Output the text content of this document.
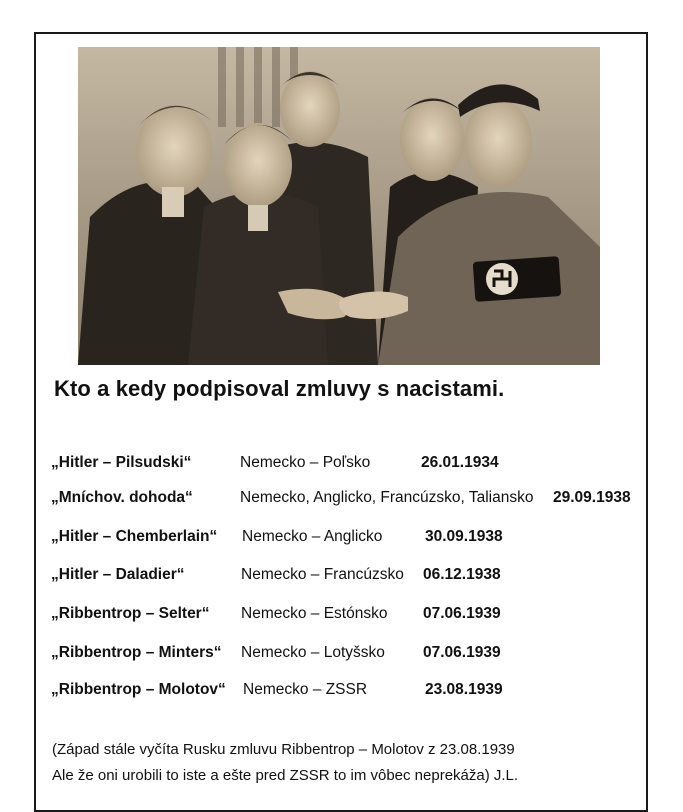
Kto a kedy podpisoval zmluvy s nacistami.
„Hitler – Pilsudski“	Nemecko – Poľsko	26.01.1934
„Mníchov. dohoda“	Nemecko, Anglicko, Francúzsko, Taliansko 29.09.1938
„Hitler – Chemberlain“ Nemecko – Anglicko	30.09.1938
„Hitler – Daladier“	Nemecko – Francúzsko 06.12.1938
„Ribbentrop – Selter“ Nemecko – Estónsko 07.06.1939
„Ribbentrop – Minters“ Nemecko – Lotyšsko 07.06.1939
„Ribbentrop – Molotov“ Nemecko – ZSSR	23.08.1939
(Západ stále vyčíta Rusku zmluvu Ribbentrop – Molotov z 23.08.1939
Ale že oni urobili to iste a ešte pred ZSSR to im vôbec neprekáža) J.L.
